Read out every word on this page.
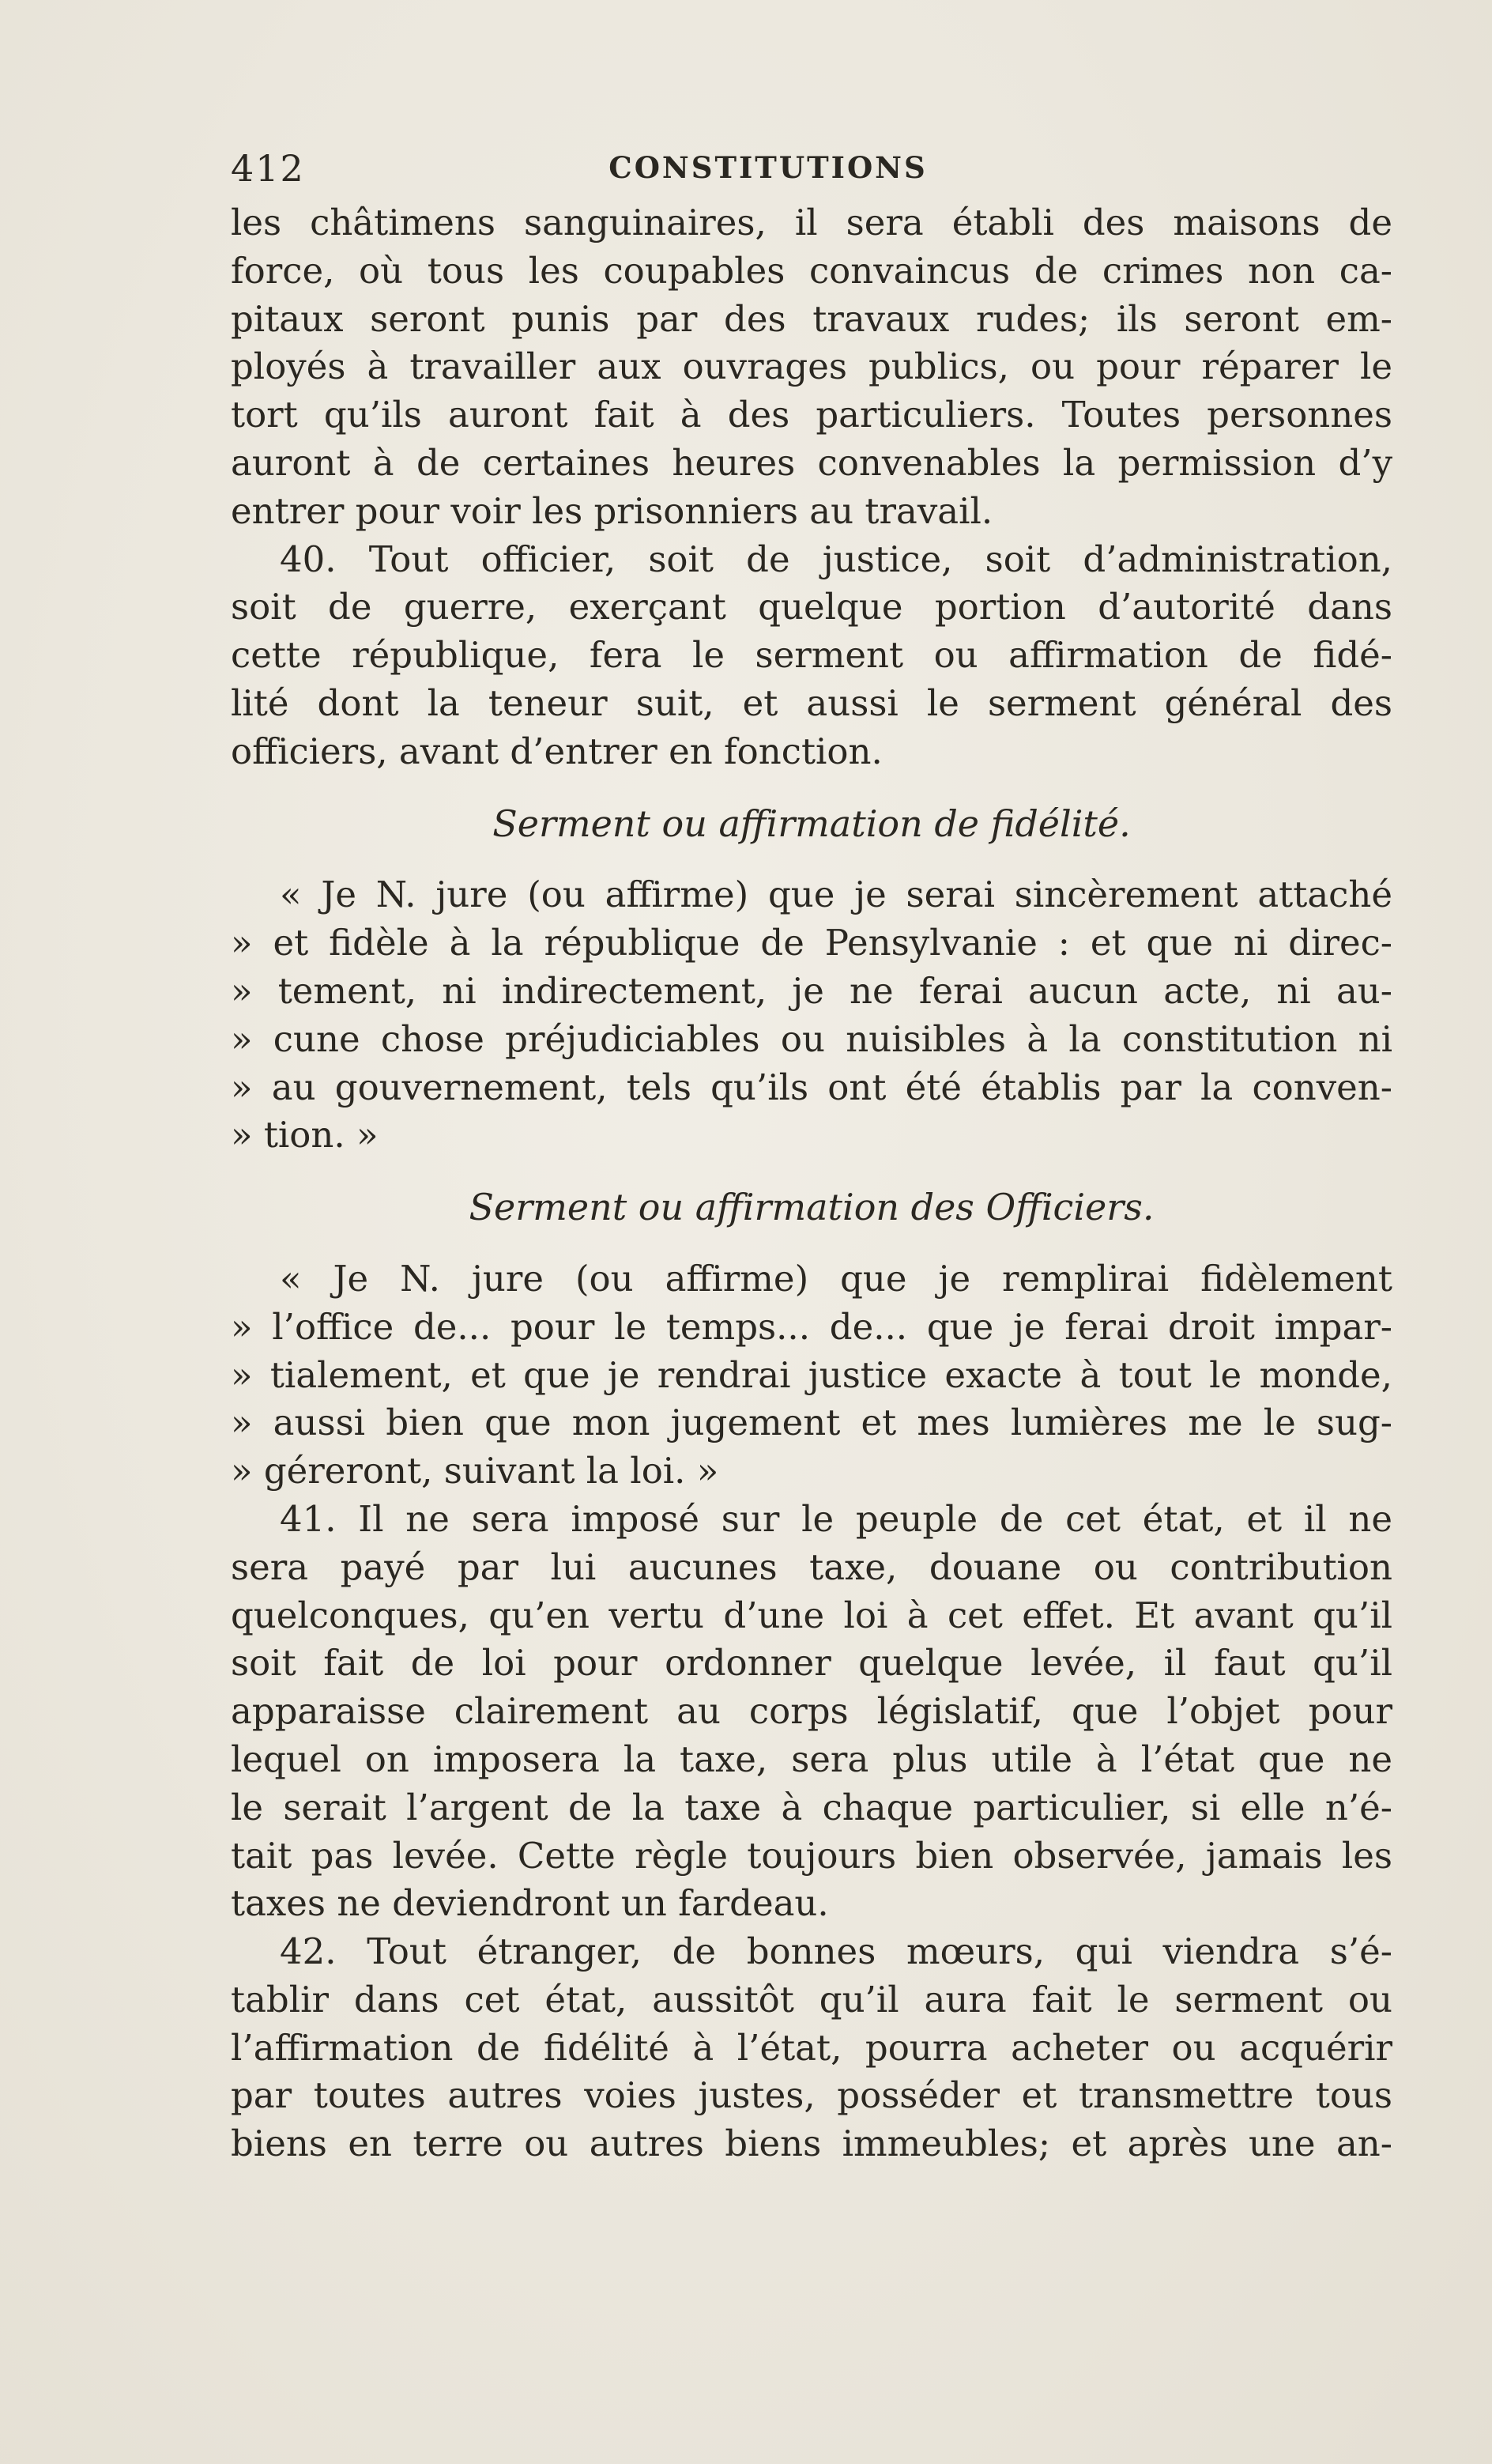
412	CONSTITUTIONS
les châtimens sanguinaires, il sera établi des maisons de
force, où tous les coupables convaincus de crimes non ca-
pitaux seront punis par des travaux rudes; ils seront em-
ployés à travailler aux ouvrages publics, ou pour réparer le
tort qu’ils auront fait à des particuliers. Toutes personnes
auront à de certaines heures convenables la permission d’y
entrer pour voir les prisonniers au travail.
40. Tout officier, soit de justice, soit d’administration,
soit de guerre, exerçant quelque portion d’autorité dans
cette république, fera le serment ou affirmation de fidé-
lité dont la teneur suit, et aussi le serment général des
officiers, avant d’entrer en fonction.
Serment ou affirmation de fidélité.
« Je N. jure (ou affirme) que je serai sincèrement attaché
» et fidèle à la république de Pensylvanie : et que ni direc-
» tement, ni indirectement, je ne ferai aucun acte, ni au-
» cune chose préjudiciables ou nuisibles à la constitution ni
» au gouvernement, tels qu’ils ont été établis par la conven-
» tion. »
Serment ou affirmation des Officiers.
« Je N. jure (ou affirme) que je remplirai fidèlement
» l’office de... pour le temps... de... que je ferai droit impar-
» tialement, et que je rendrai justice exacte à tout le monde,
» aussi bien que mon jugement et mes lumières me le sug-
» géreront, suivant la loi. »
41. Il ne sera imposé sur le peuple de cet état, et il ne
sera payé par lui aucunes taxe, douane ou contribution
quelconques, qu’en vertu d’une loi à cet effet. Et avant qu’il
soit fait de loi pour ordonner quelque levée, il faut qu’il
apparaisse clairement au corps législatif, que l’objet pour
lequel on imposera la taxe, sera plus utile à l’état que ne
le serait l’argent de la taxe à chaque particulier, si elle n’é-
tait pas levée. Cette règle toujours bien observée, jamais les
taxes ne deviendront un fardeau.
42. Tout étranger, de bonnes mœurs, qui viendra s’é-
tablir dans cet état, aussitôt qu’il aura fait le serment ou
l’affirmation de fidélité à l’état, pourra acheter ou acquérir
par toutes autres voies justes, posséder et transmettre tous
biens en terre ou autres biens immeubles; et après une an-
